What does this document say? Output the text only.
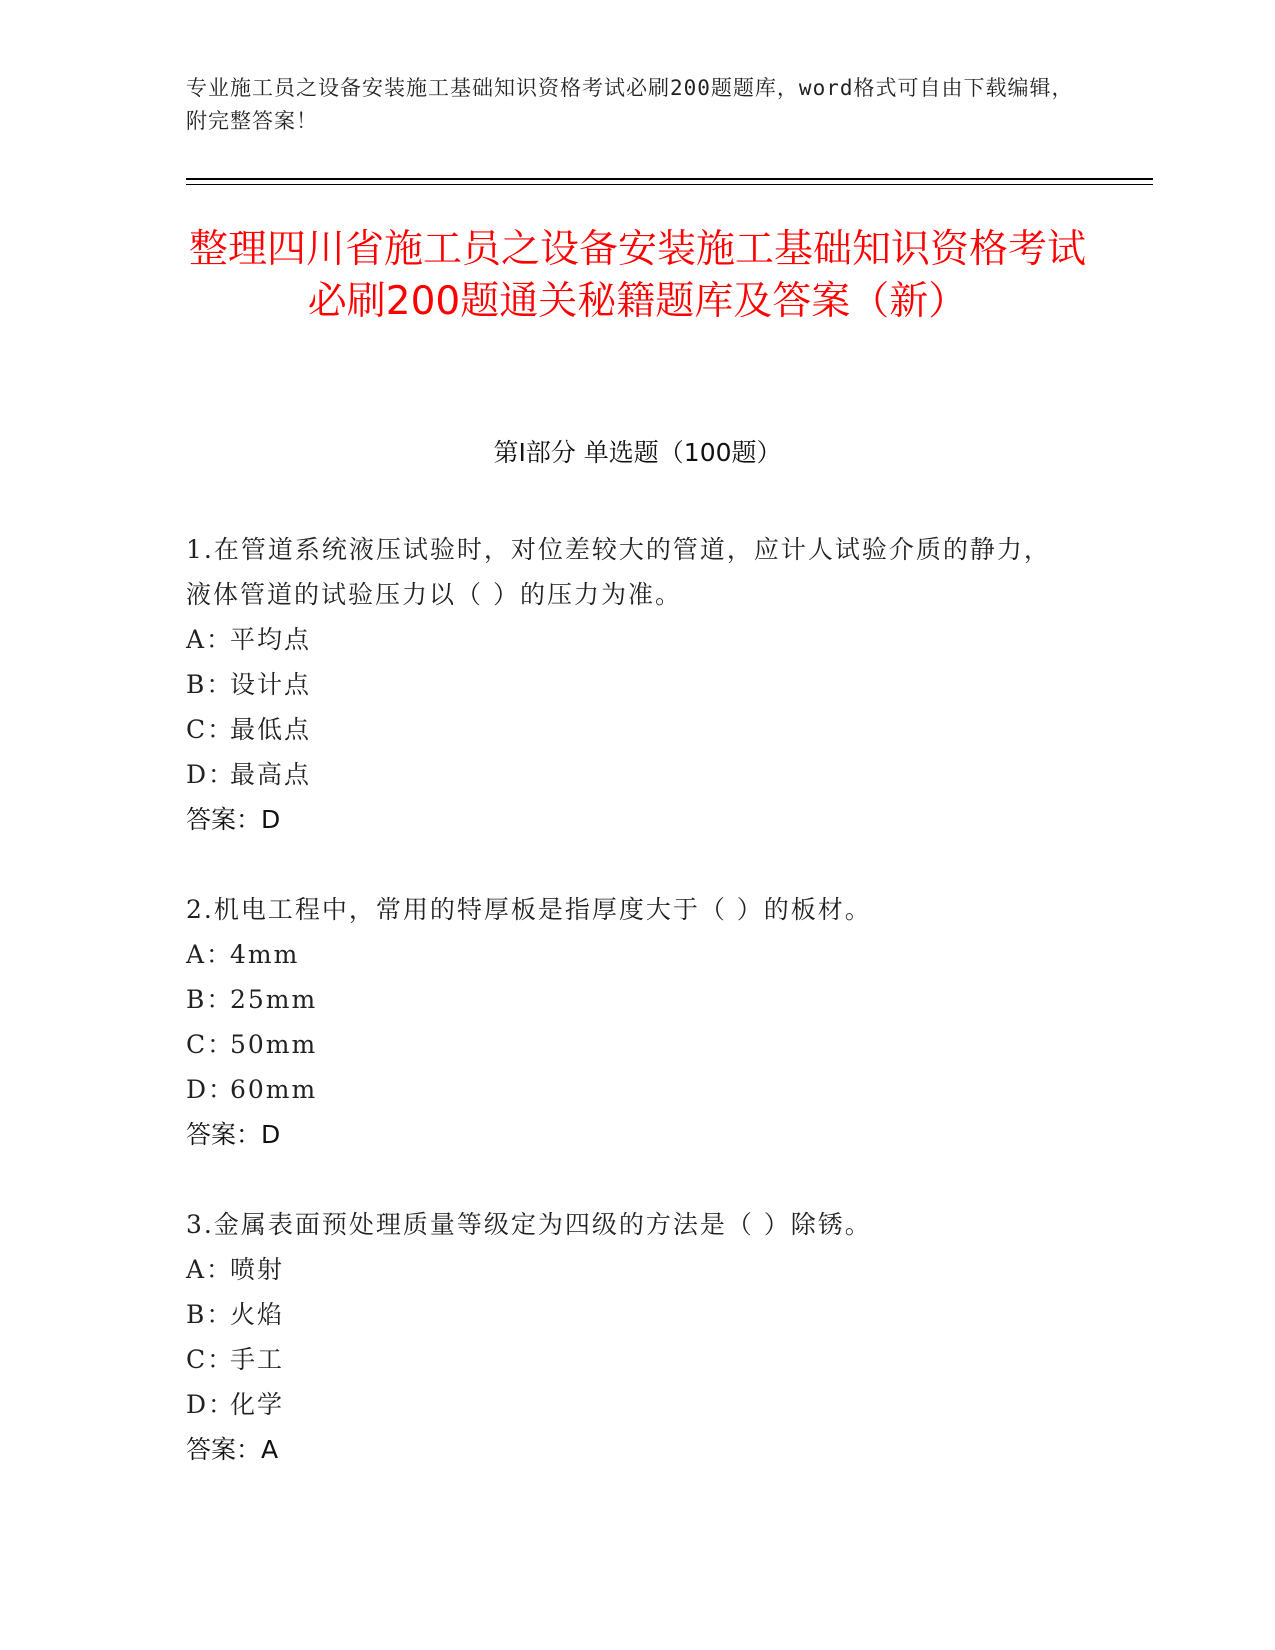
专业施工员之设备安装施工基础知识资格考试必刷200题题库，word格式可自由下载编辑，附完整答案！
整理四川省施工员之设备安装施工基础知识资格考试必刷200题通关秘籍题库及答案（新）
第I部分 单选题（100题）
1.在管道系统液压试验时，对位差较大的管道，应计人试验介质的静力，液体管道的试验压力以（ ）的压力为准。
A：平均点
B：设计点
C：最低点
D：最高点
答案：D
2.机电工程中，常用的特厚板是指厚度大于（ ）的板材。
A：4mm
B：25mm
C：50mm
D：60mm
答案：D
3.金属表面预处理质量等级定为四级的方法是（ ）除锈。
A：喷射
B：火焰
C：手工
D：化学
答案：A
